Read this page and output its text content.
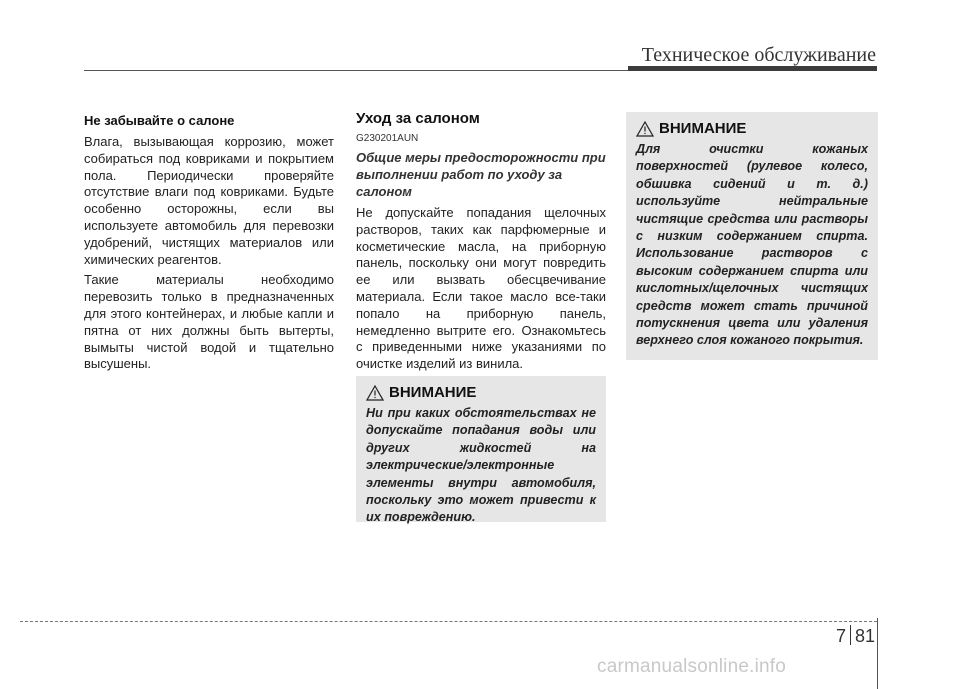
Техническое обслуживание
Не забывайте о салоне

Влага, вызывающая коррозию, может собираться под ковриками и покрытием пола. Периодически проверяйте отсутствие влаги под ковриками. Будьте особенно осторожны, если вы используете автомобиль для перевозки удобрений, чистящих материалов или химических реагентов.

Такие материалы необходимо перевозить только в предназначенных для этого контейнерах, и любые капли и пятна от них должны быть вытерты, вымыты чистой водой и тщательно высушены.

Уход за салоном
G230201AUN
Общие меры предосторожности при выполнении работ по уходу за салоном

Не допускайте попадания щелочных растворов, таких как парфюмерные и косметические масла, на приборную панель, поскольку они могут повредить ее или вызвать обесцвечивание материала. Если такое масло все-таки попало на приборную панель, немедленно вытрите его. Ознакомьтесь с приведенными ниже указаниями по очистке изделий из винила.

ВНИМАНИЕ
Ни при каких обстоятельствах не допускайте попадания воды или других жидкостей на электрические/электронные элементы внутри автомобиля, поскольку это может привести к их повреждению.
ВНИМАНИЕ
Для очистки кожаных поверхностей (рулевое колесо, обшивка сидений и т. д.) используйте нейтральные чистящие средства или растворы с низким содержанием спирта. Использование растворов с высоким содержанием спирта или кислотных/щелочных чистящих средств может стать причиной потускнения цвета или удаления верхнего слоя кожаного покрытия.
7 81
carmanualsonline.info
